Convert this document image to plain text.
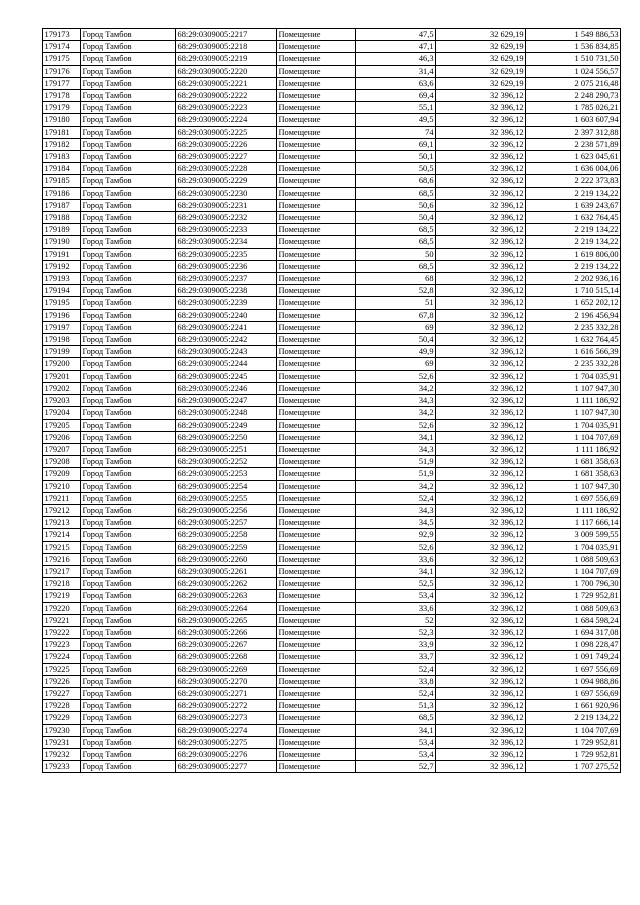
179173	Город Тамбов	68:29:0309005:2217	Помещение	47,5	32 629,19	1 549 886,53
179174	Город Тамбов	68:29:0309005:2218	Помещение	47,1	32 629,19	1 536 834,85
179175	Город Тамбов	68:29:0309005:2219	Помещение	46,3	32 629,19	1 510 731,50
179176	Город Тамбов	68:29:0309005:2220	Помещение	31,4	32 629,19	1 024 556,57
179177	Город Тамбов	68:29:0309005:2221	Помещение	63,6	32 629,19	2 075 216,48
179178	Город Тамбов	68:29:0309005:2222	Помещение	69,4	32 396,12	2 248 290,73
179179	Город Тамбов	68:29:0309005:2223	Помещение	55,1	32 396,12	1 785 026,21
179180	Город Тамбов	68:29:0309005:2224	Помещение	49,5	32 396,12	1 603 607,94
179181	Город Тамбов	68:29:0309005:2225	Помещение	74	32 396,12	2 397 312,88
179182	Город Тамбов	68:29:0309005:2226	Помещение	69,1	32 396,12	2 238 571,89
179183	Город Тамбов	68:29:0309005:2227	Помещение	50,1	32 396,12	1 623 045,61
179184	Город Тамбов	68:29:0309005:2228	Помещение	50,5	32 396,12	1 636 004,06
179185	Город Тамбов	68:29:0309005:2229	Помещение	68,6	32 396,12	2 222 373,83
179186	Город Тамбов	68:29:0309005:2230	Помещение	68,5	32 396,12	2 219 134,22
179187	Город Тамбов	68:29:0309005:2231	Помещение	50,6	32 396,12	1 639 243,67
179188	Город Тамбов	68:29:0309005:2232	Помещение	50,4	32 396,12	1 632 764,45
179189	Город Тамбов	68:29:0309005:2233	Помещение	68,5	32 396,12	2 219 134,22
179190	Город Тамбов	68:29:0309005:2234	Помещение	68,5	32 396,12	2 219 134,22
179191	Город Тамбов	68:29:0309005:2235	Помещение	50	32 396,12	1 619 806,00
179192	Город Тамбов	68:29:0309005:2236	Помещение	68,5	32 396,12	2 219 134,22
179193	Город Тамбов	68:29:0309005:2237	Помещение	68	32 396,12	2 202 936,16
179194	Город Тамбов	68:29:0309005:2238	Помещение	52,8	32 396,12	1 710 515,14
179195	Город Тамбов	68:29:0309005:2239	Помещение	51	32 396,12	1 652 202,12
179196	Город Тамбов	68:29:0309005:2240	Помещение	67,8	32 396,12	2 196 456,94
179197	Город Тамбов	68:29:0309005:2241	Помещение	69	32 396,12	2 235 332,28
179198	Город Тамбов	68:29:0309005:2242	Помещение	50,4	32 396,12	1 632 764,45
179199	Город Тамбов	68:29:0309005:2243	Помещение	49,9	32 396,12	1 616 566,39
179200	Город Тамбов	68:29:0309005:2244	Помещение	69	32 396,12	2 235 332,28
179201	Город Тамбов	68:29:0309005:2245	Помещение	52,6	32 396,12	1 704 035,91
179202	Город Тамбов	68:29:0309005:2246	Помещение	34,2	32 396,12	1 107 947,30
179203	Город Тамбов	68:29:0309005:2247	Помещение	34,3	32 396,12	1 111 186,92
179204	Город Тамбов	68:29:0309005:2248	Помещение	34,2	32 396,12	1 107 947,30
179205	Город Тамбов	68:29:0309005:2249	Помещение	52,6	32 396,12	1 704 035,91
179206	Город Тамбов	68:29:0309005:2250	Помещение	34,1	32 396,12	1 104 707,69
179207	Город Тамбов	68:29:0309005:2251	Помещение	34,3	32 396,12	1 111 186,92
179208	Город Тамбов	68:29:0309005:2252	Помещение	51,9	32 396,12	1 681 358,63
179209	Город Тамбов	68:29:0309005:2253	Помещение	51,9	32 396,12	1 681 358,63
179210	Город Тамбов	68:29:0309005:2254	Помещение	34,2	32 396,12	1 107 947,30
179211	Город Тамбов	68:29:0309005:2255	Помещение	52,4	32 396,12	1 697 556,69
179212	Город Тамбов	68:29:0309005:2256	Помещение	34,3	32 396,12	1 111 186,92
179213	Город Тамбов	68:29:0309005:2257	Помещение	34,5	32 396,12	1 117 666,14
179214	Город Тамбов	68:29:0309005:2258	Помещение	92,9	32 396,12	3 009 599,55
179215	Город Тамбов	68:29:0309005:2259	Помещение	52,6	32 396,12	1 704 035,91
179216	Город Тамбов	68:29:0309005:2260	Помещение	33,6	32 396,12	1 088 509,63
179217	Город Тамбов	68:29:0309005:2261	Помещение	34,1	32 396,12	1 104 707,69
179218	Город Тамбов	68:29:0309005:2262	Помещение	52,5	32 396,12	1 700 796,30
179219	Город Тамбов	68:29:0309005:2263	Помещение	53,4	32 396,12	1 729 952,81
179220	Город Тамбов	68:29:0309005:2264	Помещение	33,6	32 396,12	1 088 509,63
179221	Город Тамбов	68:29:0309005:2265	Помещение	52	32 396,12	1 684 598,24
179222	Город Тамбов	68:29:0309005:2266	Помещение	52,3	32 396,12	1 694 317,08
179223	Город Тамбов	68:29:0309005:2267	Помещение	33,9	32 396,12	1 098 228,47
179224	Город Тамбов	68:29:0309005:2268	Помещение	33,7	32 396,12	1 091 749,24
179225	Город Тамбов	68:29:0309005:2269	Помещение	52,4	32 396,12	1 697 556,69
179226	Город Тамбов	68:29:0309005:2270	Помещение	33,8	32 396,12	1 094 988,86
179227	Город Тамбов	68:29:0309005:2271	Помещение	52,4	32 396,12	1 697 556,69
179228	Город Тамбов	68:29:0309005:2272	Помещение	51,3	32 396,12	1 661 920,96
179229	Город Тамбов	68:29:0309005:2273	Помещение	68,5	32 396,12	2 219 134,22
179230	Город Тамбов	68:29:0309005:2274	Помещение	34,1	32 396,12	1 104 707,69
179231	Город Тамбов	68:29:0309005:2275	Помещение	53,4	32 396,12	1 729 952,81
179232	Город Тамбов	68:29:0309005:2276	Помещение	53,4	32 396,12	1 729 952,81
179233	Город Тамбов	68:29:0309005:2277	Помещение	52,7	32 396,12	1 707 275,52
